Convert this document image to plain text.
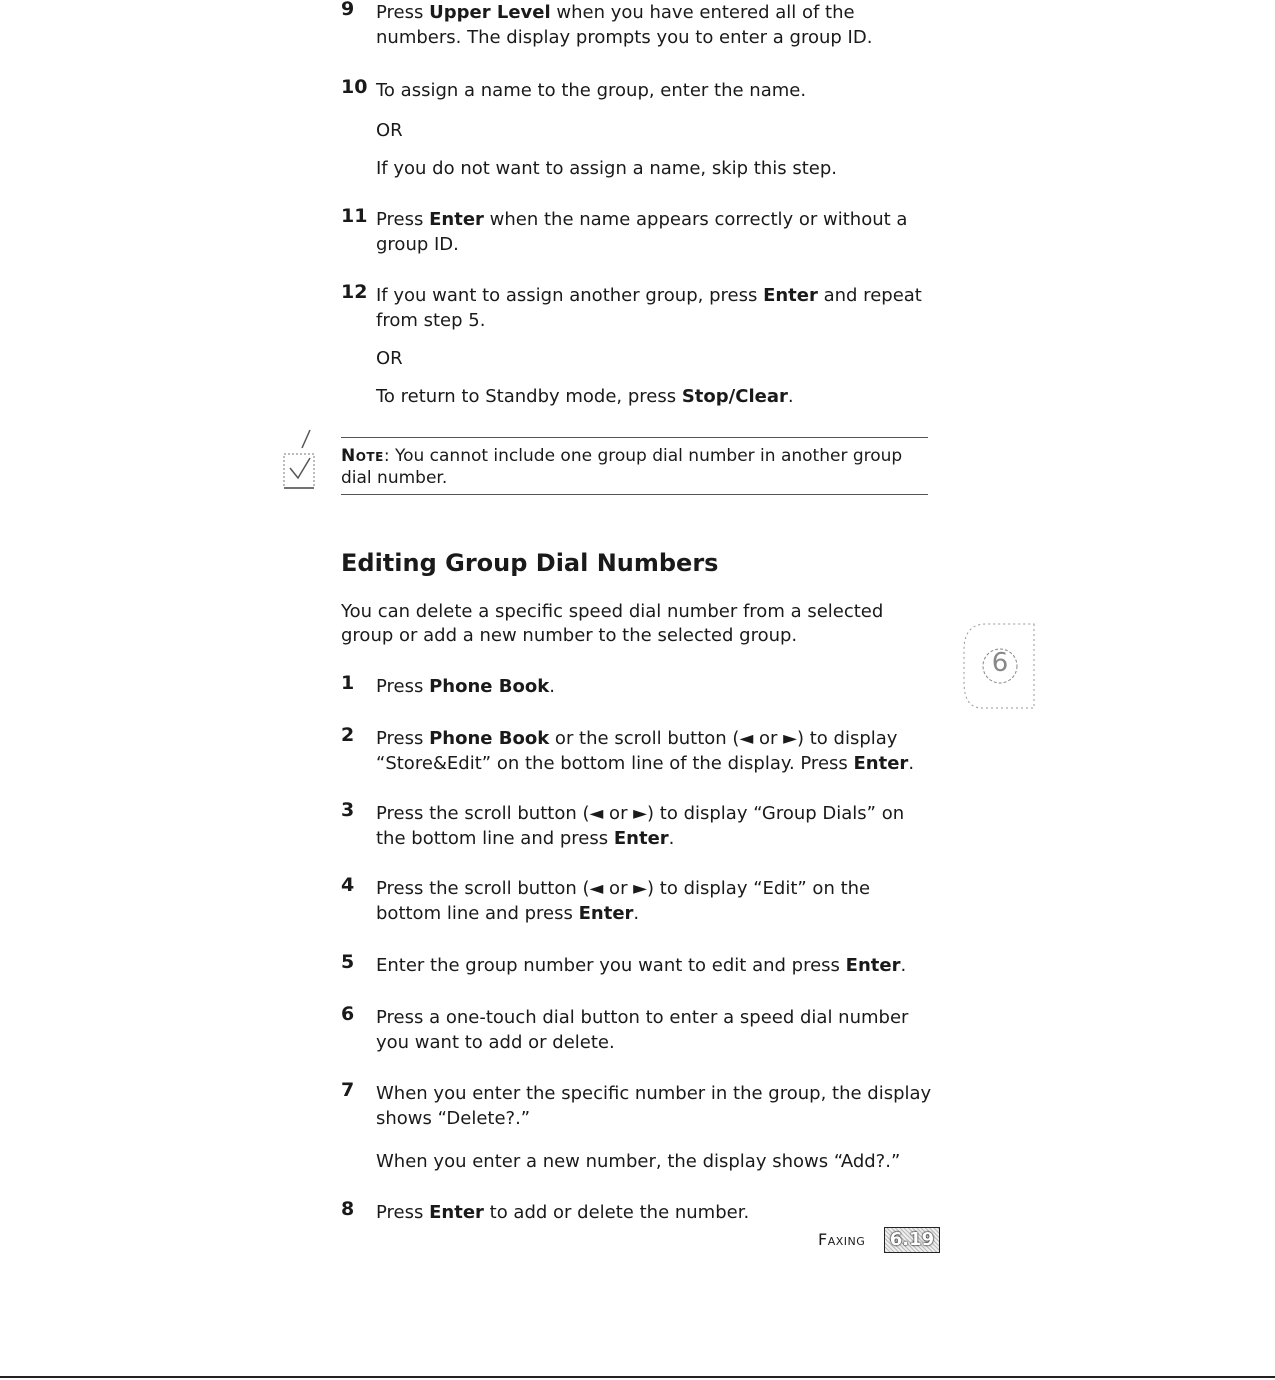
9 Press Upper Level when you have entered all of the numbers. The display prompts you to enter a group ID.
10 To assign a name to the group, enter the name.
OR
If you do not want to assign a name, skip this step.
11 Press Enter when the name appears correctly or without a group ID.
12 If you want to assign another group, press Enter and repeat from step 5.
OR
To return to Standby mode, press Stop/Clear.
Note: You cannot include one group dial number in another group dial number.
Editing Group Dial Numbers
You can delete a specific speed dial number from a selected group or add a new number to the selected group.
1 Press Phone Book.
2 Press Phone Book or the scroll button (◄ or ►) to display “Store&Edit” on the bottom line of the display. Press Enter.
3 Press the scroll button (◄ or ►) to display “Group Dials” on the bottom line and press Enter.
4 Press the scroll button (◄ or ►) to display “Edit” on the bottom line and press Enter.
5 Enter the group number you want to edit and press Enter.
6 Press a one-touch dial button to enter a speed dial number you want to add or delete.
7 When you enter the specific number in the group, the display shows “Delete?.”
When you enter a new number, the display shows “Add?.”
8 Press Enter to add or delete the number.
6
Faxing	6.19
